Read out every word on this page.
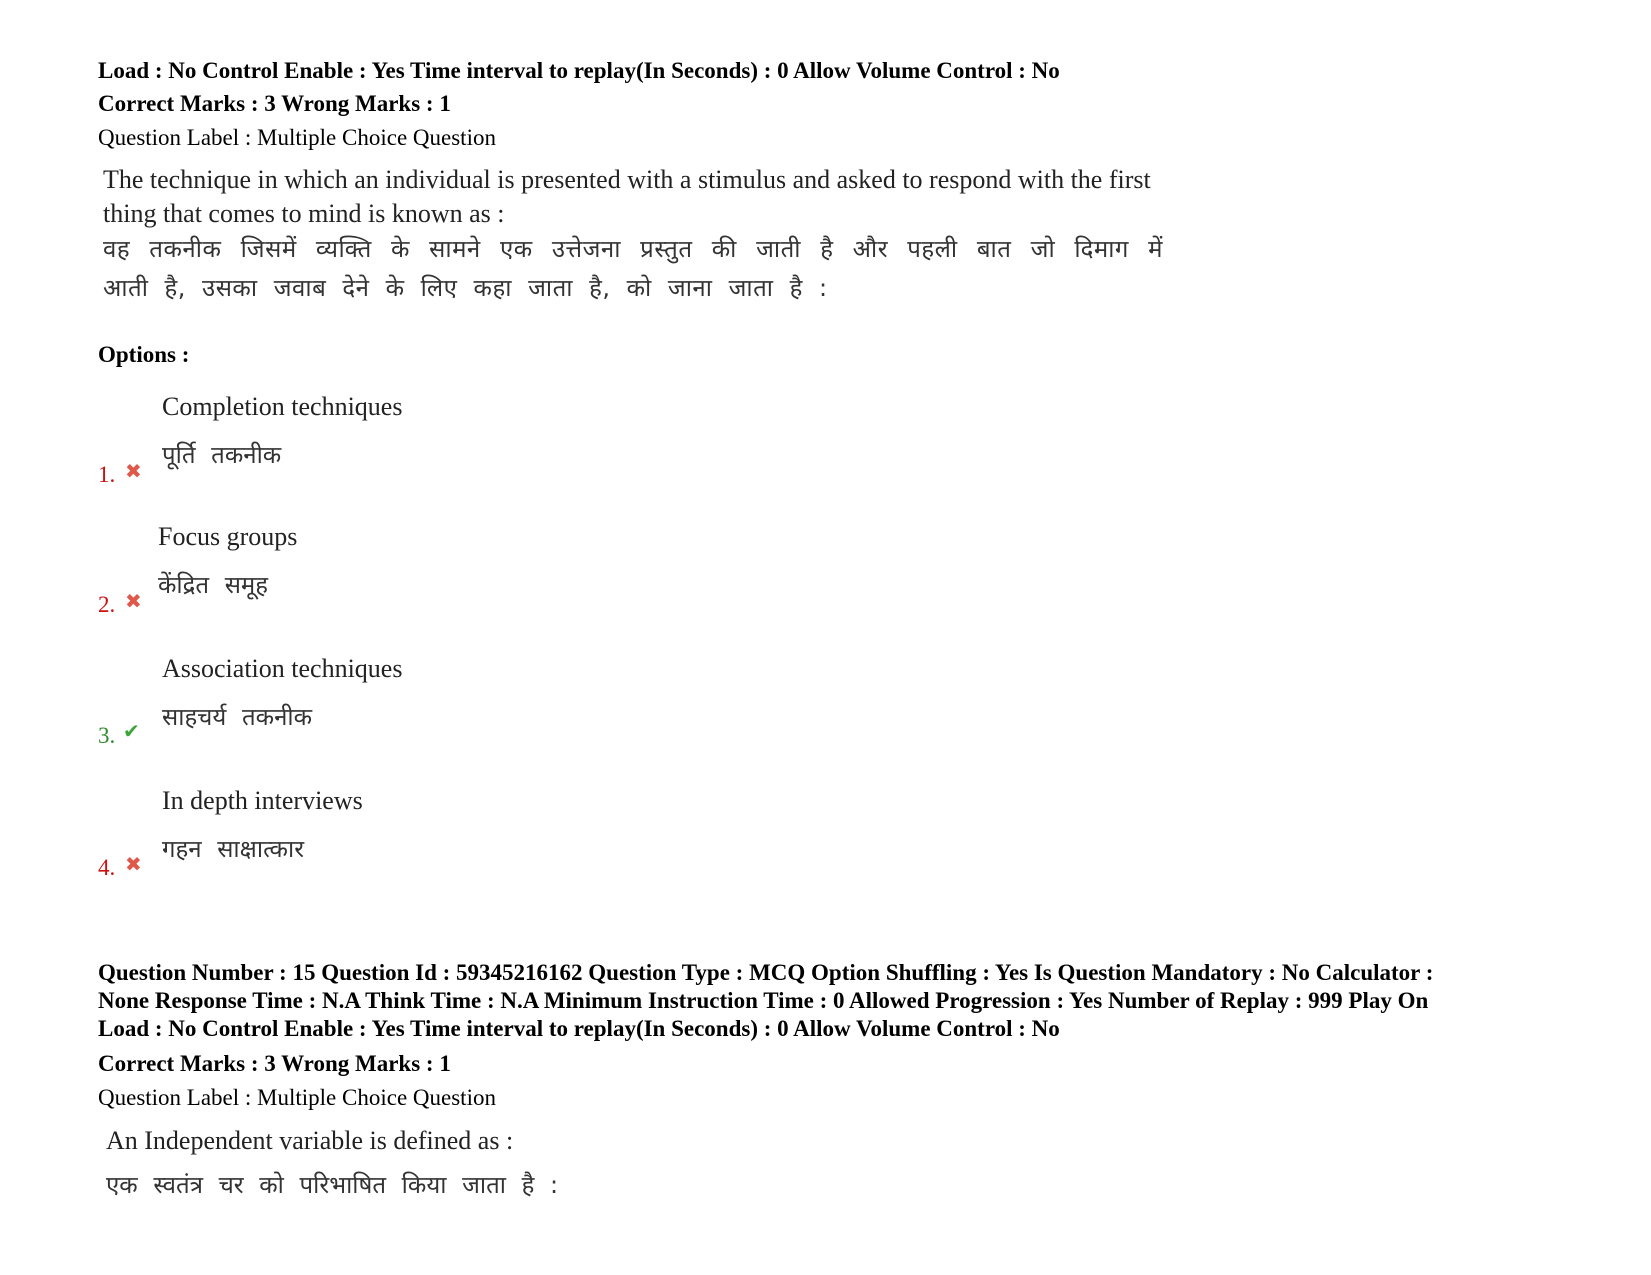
Load : No Control Enable : Yes Time interval to replay(In Seconds) : 0 Allow Volume Control : No
Correct Marks : 3 Wrong Marks : 1
Question Label : Multiple Choice Question
The technique in which an individual is presented with a stimulus and asked to respond with the first thing that comes to mind is known as :
वह तकनीक जिसमें व्यक्ति के सामने एक उत्तेजना प्रस्तुत की जाती है और पहली बात जो दिमाग में आती है, उसका जवाब देने के लिए कहा जाता है, को जाना जाता है :
Options :
Completion techniques
पूर्ति तकनीक
1. ✖
Focus groups
केंद्रित समूह
2. ✖
Association techniques
साहचर्य तकनीक
3. ✔
In depth interviews
गहन साक्षात्कार
4. ✖
Question Number : 15 Question Id : 59345216162 Question Type : MCQ Option Shuffling : Yes Is Question Mandatory : No Calculator :
None Response Time : N.A Think Time : N.A Minimum Instruction Time : 0 Allowed Progression : Yes Number of Replay : 999 Play On
Load : No Control Enable : Yes Time interval to replay(In Seconds) : 0 Allow Volume Control : No
Correct Marks : 3 Wrong Marks : 1
Question Label : Multiple Choice Question
An Independent variable is defined as :
एक स्वतंत्र चर को परिभाषित किया जाता है :
